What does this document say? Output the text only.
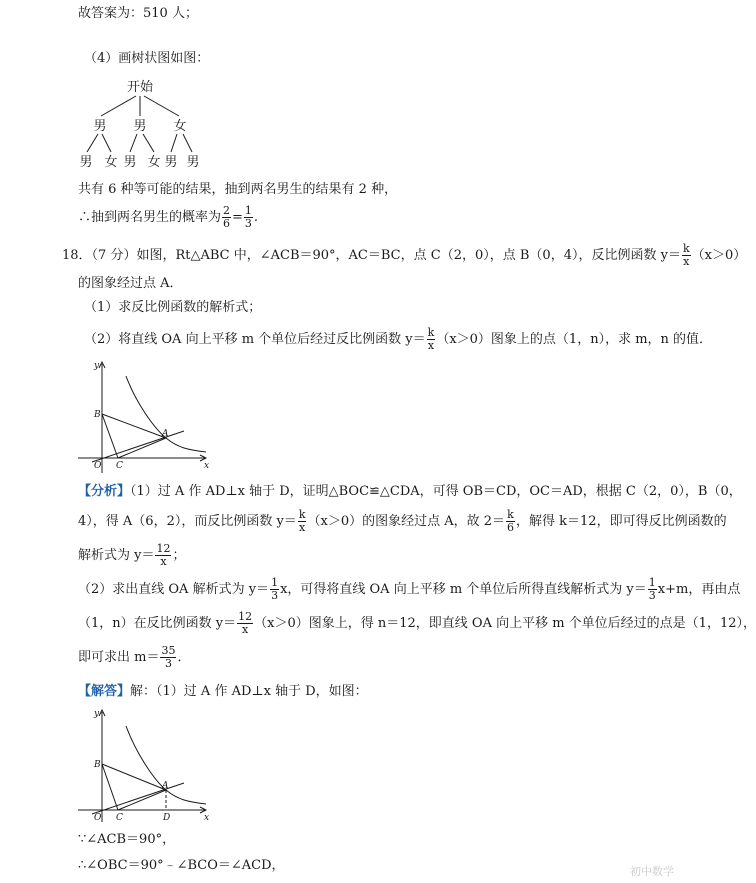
故答案为：510 人；
（4）画树状图如图：
开始
男 男 女
男 女 男 女 男 男
共有 6 种等可能的结果，抽到两名男生的结果有 2 种，
∴抽到两名男生的概率为 $\frac{2}{6} = \frac{1}{3}$ .
18．（7 分）如图，Rt△ABC 中，∠ACB＝90°，AC＝BC，点 C（2，0），点 B（0，4），反比例函数 $y= \frac{k}{x} (x>0)$
的图象经过点 A．
（1）求反比例函数的解析式；
（2）将直线 OA 向上平移 m 个单位后经过反比例函数 $y= \frac{k}{x} (x>0)$图象上的点（1，n），求 m，n 的值．
y
x
B
A
O C
【分析】（1）过 A 作 AD⊥x 轴于 D，证明△BOC≌△CDA，可得 OB＝CD，OC＝AD，根据 C（2，0），B（0，
4），得 A（6，2），而反比例函数 $y= \frac{k}{x} (x>0)$的图象经过点 A，故 $2= \frac{k}{6}$ ，解得 k＝12，即可得反比例函数的
解析式为 $y= \frac{12}{x}$ ；
（2）求出直线 OA 解析式为 $y= \frac{1}{3}$ x，可得将直线 OA 向上平移 m 个单位后所得直线解析式为 $y= \frac{1}{3} x+m$，再由点
（1，n）在反比例函数 $y= \frac{12}{x} (x>0)$图象上，得 n＝12，即直线 OA 向上平移 m 个单位后经过的点是（1，12），
即可求出 $m= \frac{35}{3}$ ．
【解答】解：（1）过 A 作 AD⊥x 轴于 D，如图：
y
x
B
A
O C	D
∵∠ACB＝90°，
∴∠OBC＝90°﹣∠BCO＝∠ACD，	初中数学
